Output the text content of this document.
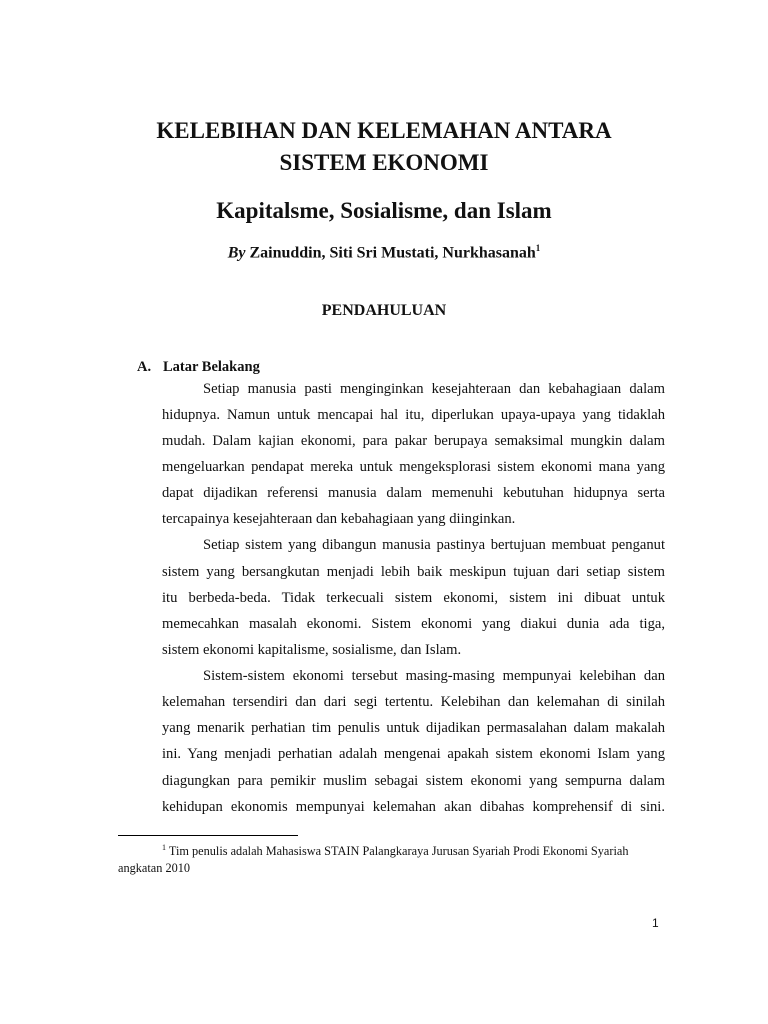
KELEBIHAN DAN KELEMAHAN ANTARA
SISTEM EKONOMI
Kapitalsme, Sosialisme, dan Islam
By Zainuddin, Siti Sri Mustati, Nurkhasanah$^1$
PENDAHULUAN
A. Latar Belakang
Setiap manusia pasti menginginkan kesejahteraan dan kebahagiaan dalam
hidupnya. Namun untuk mencapai hal itu, diperlukan upaya-upaya yang tidaklah
mudah. Dalam kajian ekonomi, para pakar berupaya semaksimal mungkin dalam
mengeluarkan pendapat mereka untuk mengeksplorasi sistem ekonomi mana yang
dapat dijadikan referensi manusia dalam memenuhi kebutuhan hidupnya serta
tercapainya kesejahteraan dan kebahagiaan yang diinginkan.
Setiap sistem yang dibangun manusia pastinya bertujuan membuat penganut
sistem yang bersangkutan menjadi lebih baik meskipun tujuan dari setiap sistem
itu berbeda-beda. Tidak terkecuali sistem ekonomi, sistem ini dibuat untuk
memecahkan masalah ekonomi. Sistem ekonomi yang diakui dunia ada tiga,
sistem ekonomi kapitalisme, sosialisme, dan Islam.
Sistem-sistem ekonomi tersebut masing-masing mempunyai kelebihan dan
kelemahan tersendiri dan dari segi tertentu. Kelebihan dan kelemahan di sinilah
yang menarik perhatian tim penulis untuk dijadikan permasalahan dalam makalah
ini. Yang menjadi perhatian adalah mengenai apakah sistem ekonomi Islam yang
diagungkan para pemikir muslim sebagai sistem ekonomi yang sempurna dalam
kehidupan ekonomis mempunyai kelemahan akan dibahas komprehensif di sini.
$^1$ Tim penulis adalah Mahasiswa STAIN Palangkaraya Jurusan Syariah Prodi Ekonomi Syariah
angkatan 2010
1
